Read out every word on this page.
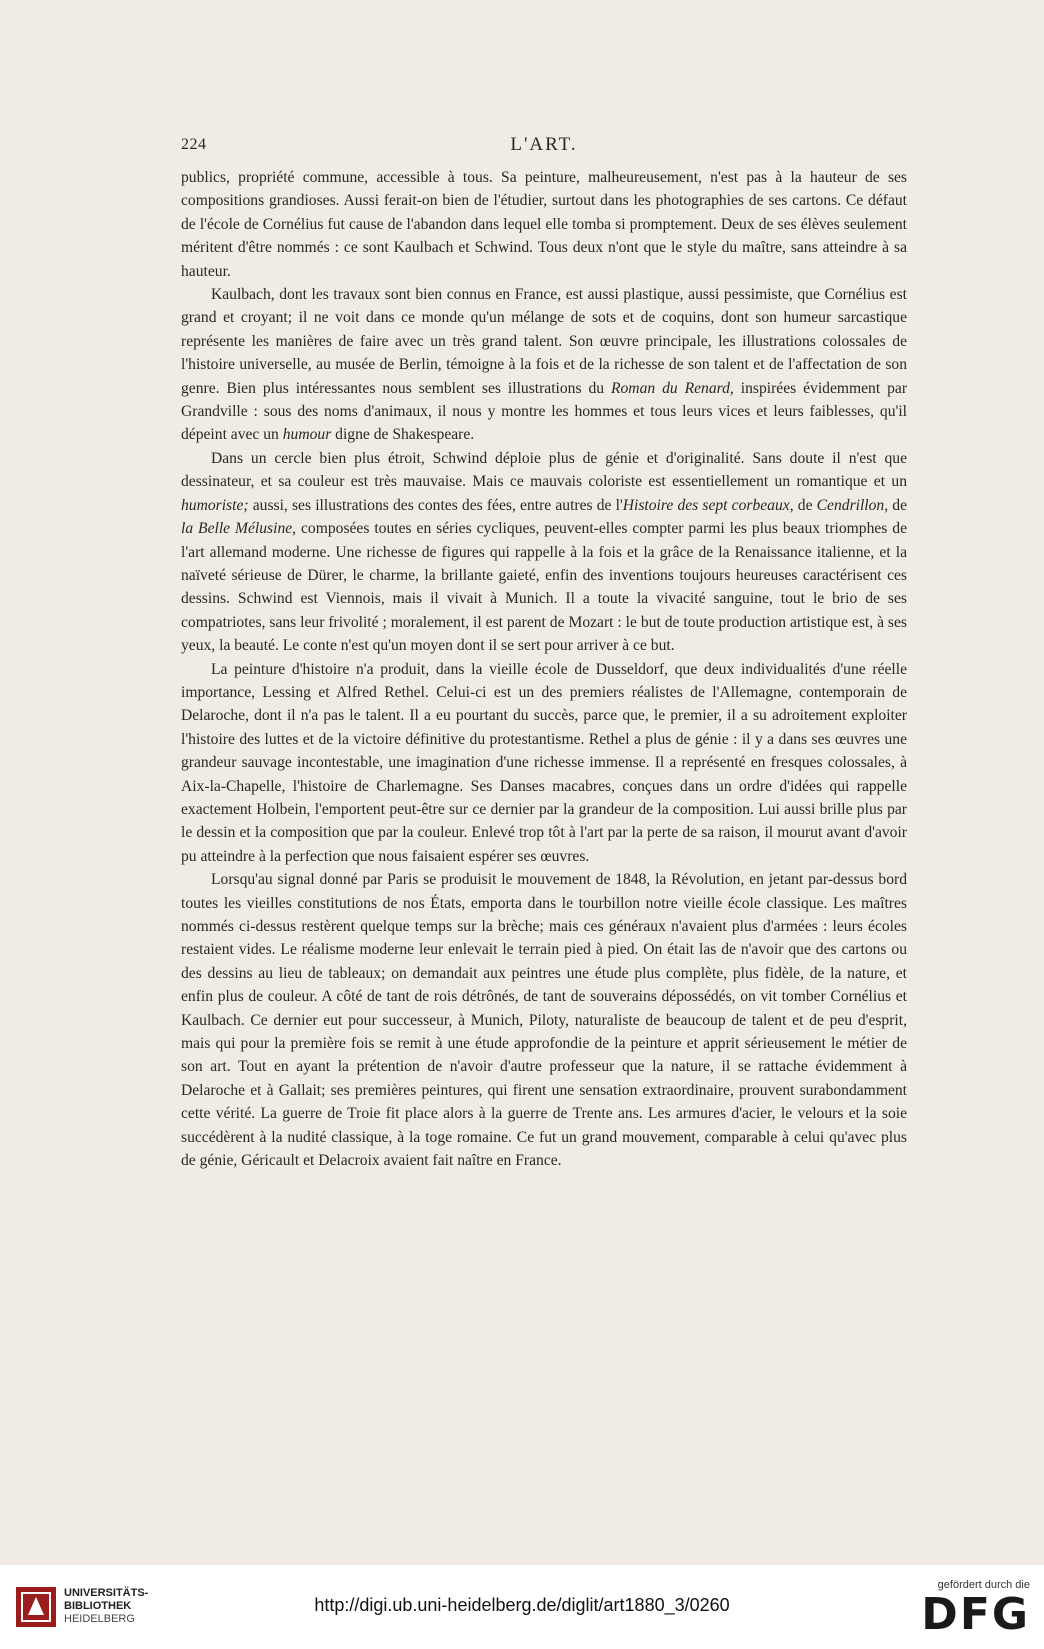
224	L'ART.

publics, propriété commune, accessible à tous. Sa peinture, malheureusement, n'est pas à la hauteur de ses compositions grandioses. Aussi ferait-on bien de l'étudier, surtout dans les photographies de ses cartons. Ce défaut de l'école de Cornélius fut cause de l'abandon dans lequel elle tomba si promptement. Deux de ses élèves seulement méritent d'être nommés : ce sont Kaulbach et Schwind. Tous deux n'ont que le style du maître, sans atteindre à sa hauteur.

Kaulbach, dont les travaux sont bien connus en France, est aussi plastique, aussi pessimiste, que Cornélius est grand et croyant; il ne voit dans ce monde qu'un mélange de sots et de coquins, dont son humeur sarcastique représente les manières de faire avec un très grand talent. Son œuvre principale, les illustrations colossales de l'histoire universelle, au musée de Berlin, témoigne à la fois et de la richesse de son talent et de l'affectation de son genre. Bien plus intéressantes nous semblent ses illustrations du Roman du Renard, inspirées évidemment par Grandville : sous des noms d'animaux, il nous y montre les hommes et tous leurs vices et leurs faiblesses, qu'il dépeint avec un humour digne de Shakespeare.

Dans un cercle bien plus étroit, Schwind déploie plus de génie et d'originalité. Sans doute il n'est que dessinateur, et sa couleur est très mauvaise. Mais ce mauvais coloriste est essentiellement un romantique et un humoriste; aussi, ses illustrations des contes des fées, entre autres de l'Histoire des sept corbeaux, de Cendrillon, de la Belle Mélusine, composées toutes en séries cycliques, peuvent-elles compter parmi les plus beaux triomphes de l'art allemand moderne. Une richesse de figures qui rappelle à la fois et la grâce de la Renaissance italienne, et la naïveté sérieuse de Dürer, le charme, la brillante gaieté, enfin des inventions toujours heureuses caractérisent ces dessins. Schwind est Viennois, mais il vivait à Munich. Il a toute la vivacité sanguine, tout le brio de ses compatriotes, sans leur frivolité ; moralement, il est parent de Mozart : le but de toute production artistique est, à ses yeux, la beauté. Le conte n'est qu'un moyen dont il se sert pour arriver à ce but.

La peinture d'histoire n'a produit, dans la vieille école de Dusseldorf, que deux individualités d'une réelle importance, Lessing et Alfred Rethel. Celui-ci est un des premiers réalistes de l'Allemagne, contemporain de Delaroche, dont il n'a pas le talent. Il a eu pourtant du succès, parce que, le premier, il a su adroitement exploiter l'histoire des luttes et de la victoire définitive du protestantisme. Rethel a plus de génie : il y a dans ses œuvres une grandeur sauvage incontestable, une imagination d'une richesse immense. Il a représenté en fresques colossales, à Aix-la-Chapelle, l'histoire de Charlemagne. Ses Danses macabres, conçues dans un ordre d'idées qui rappelle exactement Holbein, l'emportent peut-être sur ce dernier par la grandeur de la composition. Lui aussi brille plus par le dessin et la composition que par la couleur. Enlevé trop tôt à l'art par la perte de sa raison, il mourut avant d'avoir pu atteindre à la perfection que nous faisaient espérer ses œuvres.

Lorsqu'au signal donné par Paris se produisit le mouvement de 1848, la Révolution, en jetant par-dessus bord toutes les vieilles constitutions de nos États, emporta dans le tourbillon notre vieille école classique. Les maîtres nommés ci-dessus restèrent quelque temps sur la brèche; mais ces généraux n'avaient plus d'armées : leurs écoles restaient vides. Le réalisme moderne leur enlevait le terrain pied à pied. On était las de n'avoir que des cartons ou des dessins au lieu de tableaux; on demandait aux peintres une étude plus complète, plus fidèle, de la nature, et enfin plus de couleur. A côté de tant de rois détrônés, de tant de souverains dépossédés, on vit tomber Cornélius et Kaulbach. Ce dernier eut pour successeur, à Munich, Piloty, naturaliste de beaucoup de talent et de peu d'esprit, mais qui pour la première fois se remit à une étude approfondie de la peinture et apprit sérieusement le métier de son art. Tout en ayant la prétention de n'avoir d'autre professeur que la nature, il se rattache évidemment à Delaroche et à Gallait; ses premières peintures, qui firent une sensation extraordinaire, prouvent surabondamment cette vérité. La guerre de Troie fit place alors à la guerre de Trente ans. Les armures d'acier, le velours et la soie succédèrent à la nudité classique, à la toge romaine. Ce fut un grand mouvement, comparable à celui qu'avec plus de génie, Géricault et Delacroix avaient fait naître en France.

UNIVERSITÄTS-
BIBLIOTHEK
HEIDELBERG
http://digi.ub.uni-heidelberg.de/diglit/art1880_3/0260
gefördert durch die
DFG
